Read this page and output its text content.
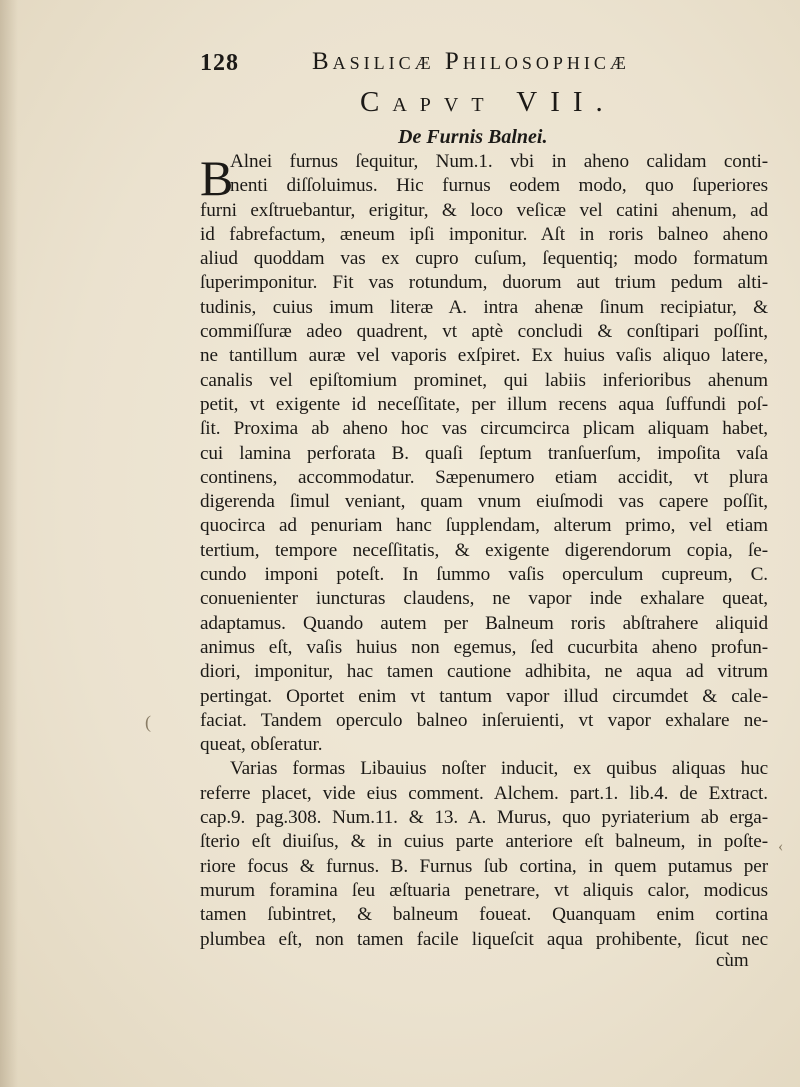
128	Basilicæ Philosophicæ
Capvt VII.
De Furnis Balnei.
B
Alnei furnus ſequitur, Num.1. vbi in aheno calidam conti-
nenti diſſoluimus. Hic furnus eodem modo, quo ſuperiores
furni exſtruebantur, erigitur, & loco veſicæ vel catini ahenum, ad
id fabrefactum, æneum ipſi imponitur. Aſt in roris balneo aheno
aliud quoddam vas ex cupro cuſum, ſequentiq; modo formatum
ſuperimponitur. Fit vas rotundum, duorum aut trium pedum alti-
tudinis, cuius imum literæ A. intra ahenæ ſinum recipiatur, &
commiſſuræ adeo quadrent, vt aptè concludi & conſtipari poſſint,
ne tantillum auræ vel vaporis exſpiret. Ex huius vaſis aliquo latere,
canalis vel epiſtomium prominet, qui labiis inferioribus ahenum
petit, vt exigente id neceſſitate, per illum recens aqua ſuffundi poſ-
ſit. Proxima ab aheno hoc vas circumcirca plicam aliquam habet,
cui lamina perforata B. quaſi ſeptum tranſuerſum, impoſita vaſa
continens, accommodatur. Sæpenumero etiam accidit, vt plura
digerenda ſimul veniant, quam vnum eiuſmodi vas capere poſſit,
quocirca ad penuriam hanc ſupplendam, alterum primo, vel etiam
tertium, tempore neceſſitatis, & exigente digerendorum copia, ſe-
cundo imponi poteſt. In ſummo vaſis operculum cupreum, C.
conuenienter iuncturas claudens, ne vapor inde exhalare queat,
adaptamus. Quando autem per Balneum roris abſtrahere aliquid
animus eſt, vaſis huius non egemus, ſed cucurbita aheno profun-
diori, imponitur, hac tamen cautione adhibita, ne aqua ad vitrum
pertingat. Oportet enim vt tantum vapor illud circumdet & cale-
faciat. Tandem operculo balneo inſeruienti, vt vapor exhalare ne-
queat, obſeratur.
Varias formas Libauius noſter inducit, ex quibus aliquas huc
referre placet, vide eius comment. Alchem. part.1. lib.4. de Extract.
cap.9. pag.308. Num.11. & 13. A. Murus, quo pyriaterium ab erga-
ſterio eſt diuiſus, & in cuius parte anteriore eſt balneum, in poſte-
riore focus & furnus. B. Furnus ſub cortina, in quem putamus per
murum foramina ſeu æſtuaria penetrare, vt aliquis calor, modicus
tamen ſubintret, & balneum foueat. Quanquam enim cortina
plumbea eſt, non tamen facile liqueſcit aqua prohibente, ſicut nec
cùm
(
‹
